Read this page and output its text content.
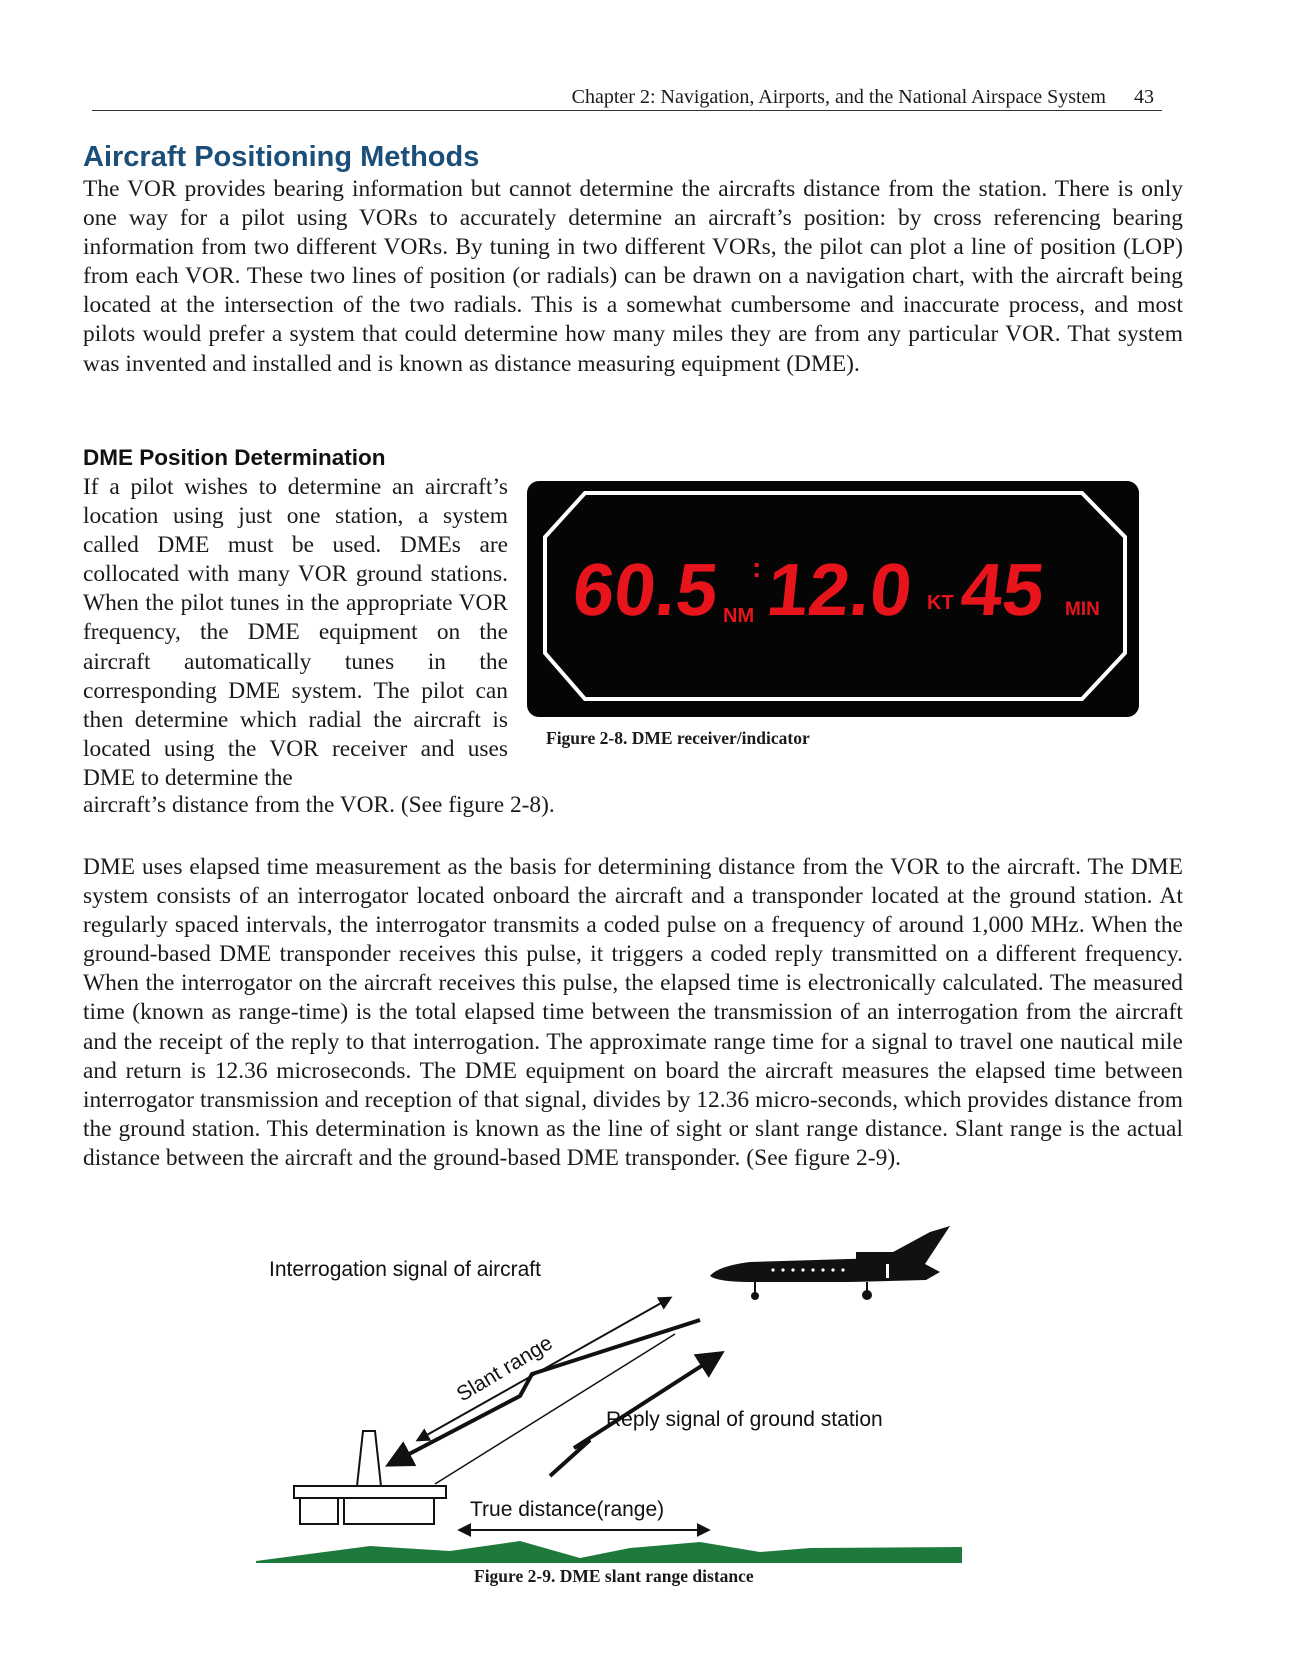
Chapter 2: Navigation, Airports, and the National Airspace System 43
Aircraft Positioning Methods

The VOR provides bearing information but cannot determine the aircrafts distance from the station. There is only one way for a pilot using VORs to accurately determine an aircraft’s position: by cross referencing bearing information from two different VORs. By tuning in two different VORs, the pilot can plot a line of position (LOP) from each VOR. These two lines of position (or radials) can be drawn on a navigation chart, with the aircraft being located at the intersection of the two radials. This is a somewhat cumbersome and inaccurate process, and most pilots would prefer a system that could determine how many miles they are from any particular VOR. That system was invented and installed and is known as distance measuring equipment (DME).

DME Position Determination
If a pilot wishes to determine an aircraft’s location using just one station, a system called DME must be used. DMEs are collocated with many VOR ground stations. When the pilot tunes in the appropriate VOR frequency, the DME equipment on the aircraft automatically tunes in the corresponding DME system. The pilot can then determine which radial the aircraft is located using the VOR receiver and uses DME to determine the
aircraft’s distance from the VOR. (See figure 2-8).
60.5 NM
: 12.0 KT 45 MIN
Figure 2-8. DME receiver/indicator

DME uses elapsed time measurement as the basis for determining distance from the VOR to the aircraft. The DME system consists of an interrogator located onboard the aircraft and a transponder located at the ground station. At regularly spaced intervals, the interrogator transmits a coded pulse on a frequency of around 1,000 MHz. When the ground-based DME transponder receives this pulse, it triggers a coded reply transmitted on a different frequency. When the interrogator on the aircraft receives this pulse, the elapsed time is electronically calculated. The measured time (known as range-time) is the total elapsed time between the transmission of an interrogation from the aircraft and the receipt of the reply to that interrogation. The approximate range time for a signal to travel one nautical mile and return is 12.36 microseconds. The DME equipment on board the aircraft measures the elapsed time between interrogator transmission and reception of that signal, divides by 12.36 micro-seconds, which provides distance from the ground station. This determination is known as the line of sight or slant range distance. Slant range is the actual distance between the aircraft and the ground-based DME transponder. (See figure 2-9).

Interrogation signal of aircraft
Slant range
Reply signal of ground station
True distance(range)
Figure 2-9. DME slant range distance
